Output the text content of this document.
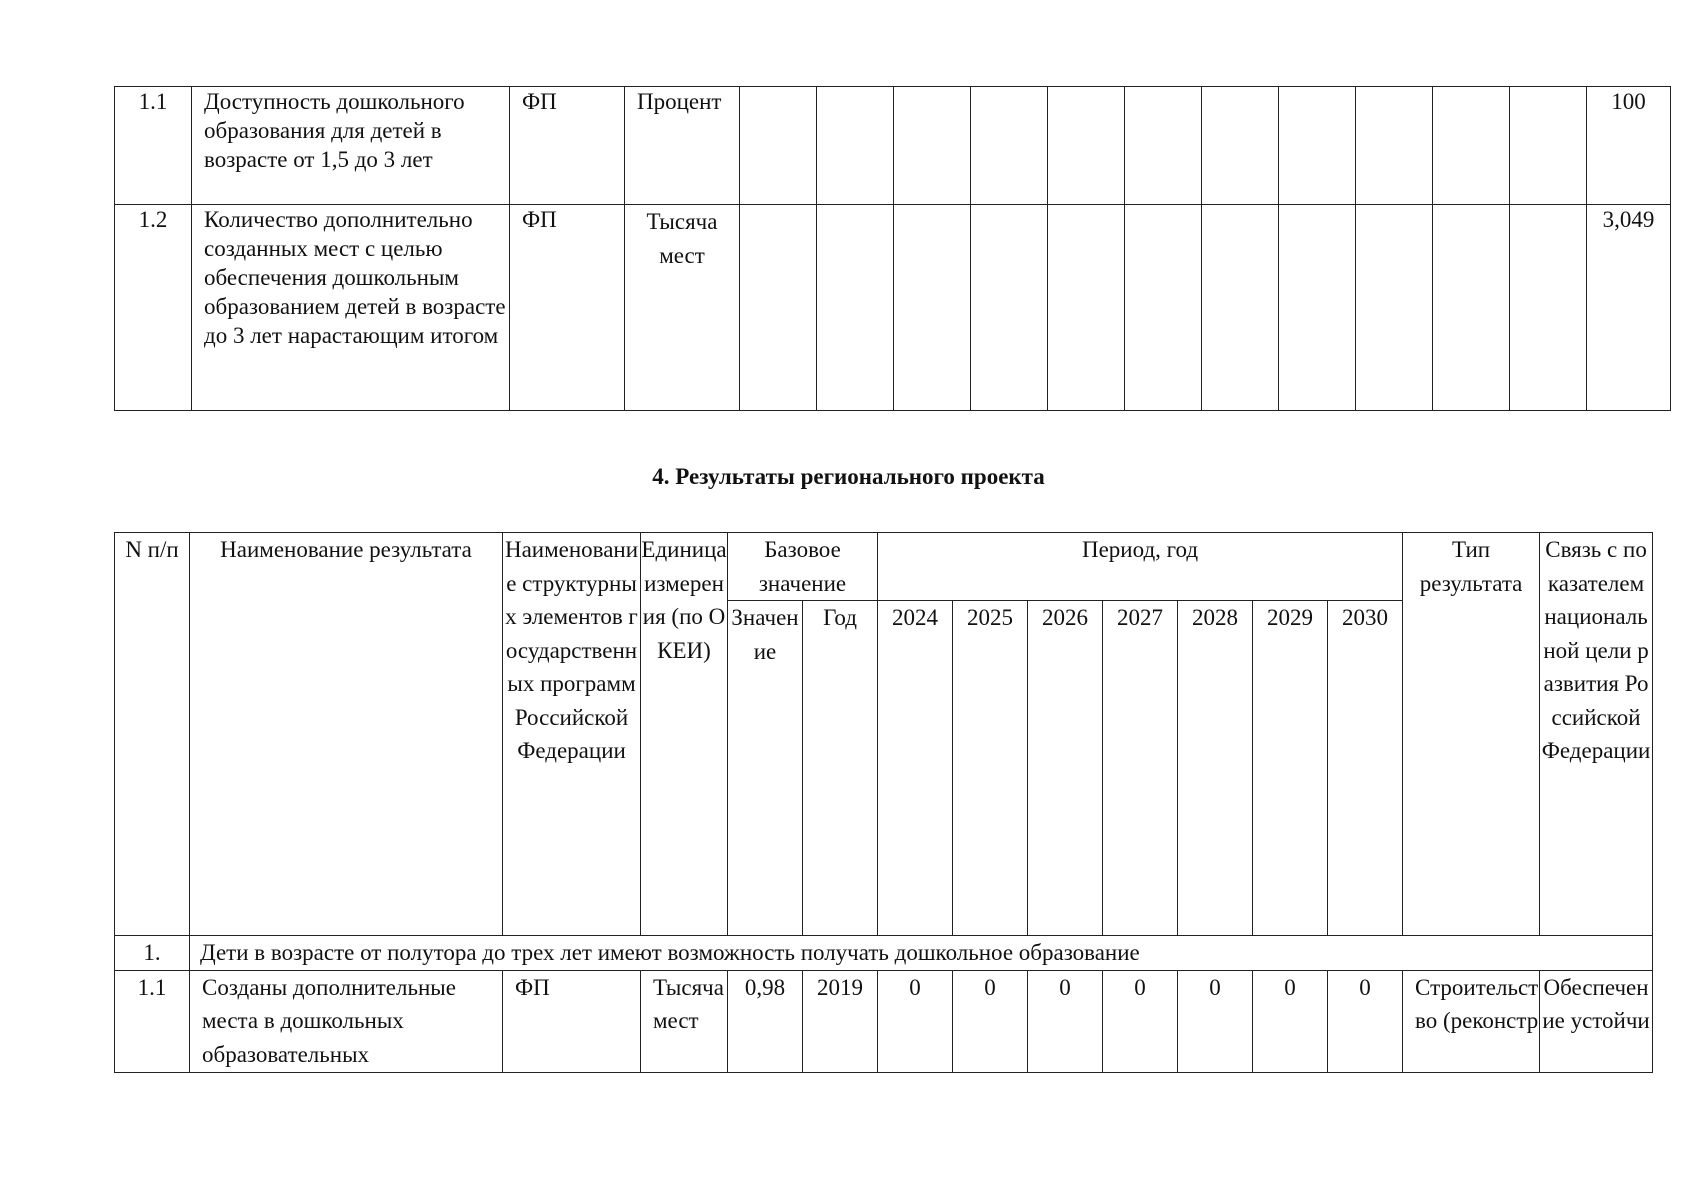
1.1	Доступность дошкольного образования для детей в возрасте от 1,5 до 3 лет	ФП	Процент												100
1.2	Количество дополнительно созданных мест с целью обеспечения дошкольным образованием детей в возрасте до 3 лет нарастающим итогом	ФП	Тысяча мест												3,049
4. Результаты регионального проекта
N п/п	Наименование результата	Наименование структурных элементов государственных программ Российской Федерации	Единица измерения (по ОКЕИ)	Базовое значение		Период, год							Тип результата	Связь с показателем национальной цели развития Российской Федерации
				Значение	Год	2024	2025	2026	2027	2028	2029	2030		
1.	Дети в возрасте от полутора до трех лет имеют возможность получать дошкольное образование													
1.1	Созданы дополнительные места в дошкольных образовательных	ФП	Тысяча мест	0,98	2019	0	0	0	0	0	0	0	Строительство (реконстр	Обеспечение устойчи
